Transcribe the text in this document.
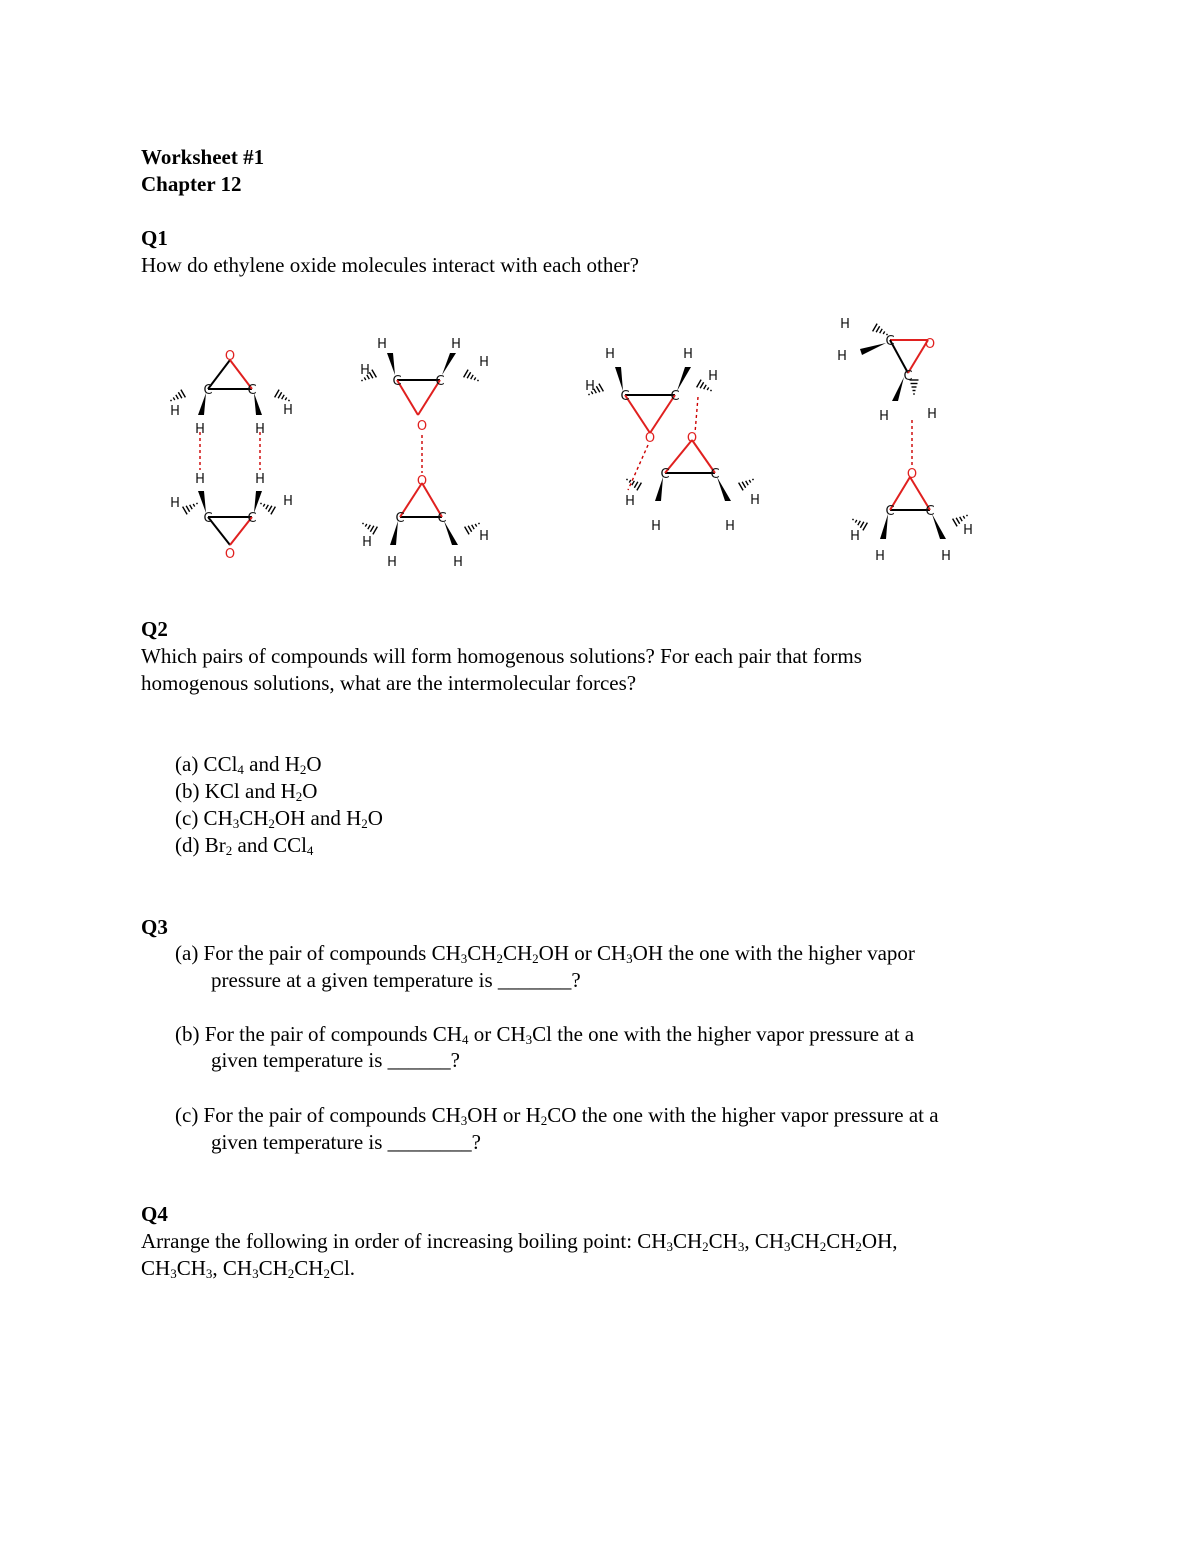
Worksheet #1
Chapter 12
Q1
How do ethylene oxide molecules interact with each other?
O
C	C
H	H
H	H
H	H
C	C
O
H	H
H	H
H
H
C	C
O
O
C	C
H	H
H	H
H	H
H
H
C	C
O O
H
C	C
H
H	H
H
H
C O
C
H	H
O
C C
H	H
H	H
Q2
Which pairs of compounds will form homogenous solutions? For each pair that forms
homogenous solutions, what are the intermolecular forces?
(a) CCl$_4$ and $H_2O$
(b) KCl and $H_2O$
(c) $CH_3CH_2OH$ and $H_2O$
(d) $Br_2$ and CCl$_4$
Q3
(a) For the pair of compounds $CH_3CH_2CH_2OH$ or $CH_3OH$ the one with the higher vapor
pressure at a given temperature is _______?
(b) For the pair of compounds $CH_4$ or $CH_3Cl$ the one with the higher vapor pressure at a
given temperature is ______?
(c) For the pair of compounds $CH_3OH$ or $H_2CO$ the one with the higher vapor pressure at a
given temperature is ________?
Q4
Arrange the following in order of increasing boiling point: $CH_3CH_2CH_3$, $CH_3CH_2CH_2OH$,
$CH_3CH_3$, $CH_3CH_2CH_2Cl$.
